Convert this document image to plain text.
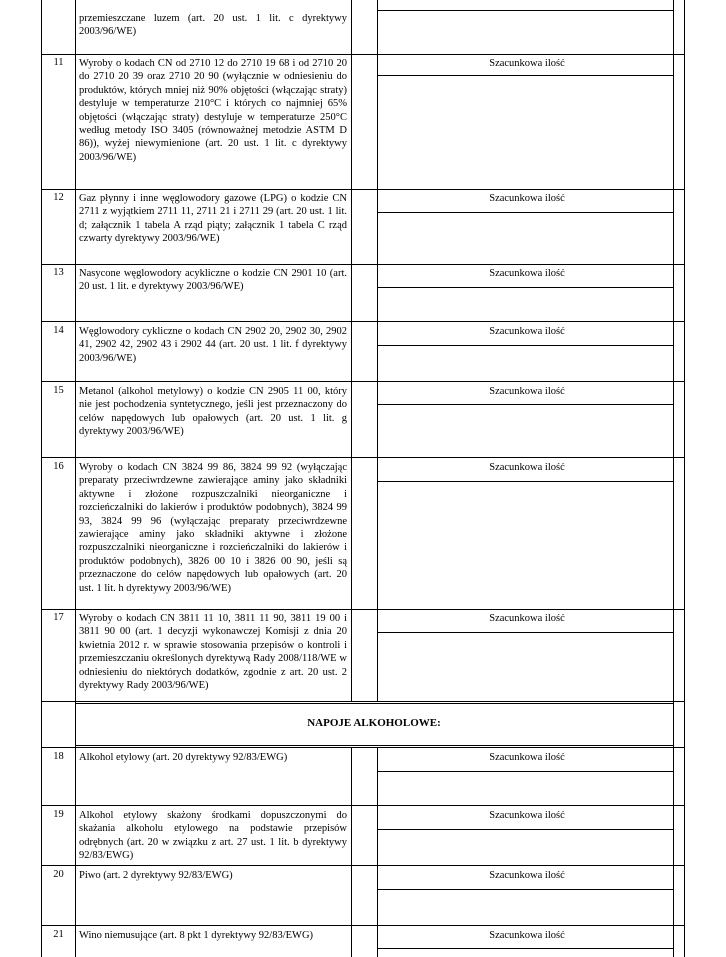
przemieszczane luzem (art. 20 ust. 1 lit. c dyrektywy 2003/96/WE)
11	Wyroby o kodach CN od 2710 12 do 2710 19 68 i od 2710 20 do 2710 20 39 oraz 2710 20 90 (wyłącznie w odniesieniu do produktów, których mniej niż 90% objętości (włączając straty) destyluje w temperaturze 210°C i których co najmniej 65% objętości (włączając straty) destyluje w temperaturze 250°C według metody ISO 3405 (równoważnej metodzie ASTM D 86)), wyżej niewymienione (art. 20 ust. 1 lit. c dyrektywy 2003/96/WE)
Szacunkowa ilość
12	Gaz płynny i inne węglowodory gazowe (LPG) o kodzie CN 2711 z wyjątkiem 2711 11, 2711 21 i 2711 29 (art. 20 ust. 1 lit. d; załącznik 1 tabela A rząd piąty; załącznik 1 tabela C rząd czwarty dyrektywy 2003/96/WE)
Szacunkowa ilość
13	Nasycone węglowodory acykliczne o kodzie CN 2901 10 (art. 20 ust. 1 lit. e dyrektywy 2003/96/WE)
Szacunkowa ilość
14	Węglowodory cykliczne o kodach CN 2902 20, 2902 30, 2902 41, 2902 42, 2902 43 i 2902 44 (art. 20 ust. 1 lit. f dyrektywy 2003/96/WE)
Szacunkowa ilość
15	Metanol (alkohol metylowy) o kodzie CN 2905 11 00, który nie jest pochodzenia syntetycznego, jeśli jest przeznaczony do celów napędowych lub opałowych (art. 20 ust. 1 lit. g dyrektywy 2003/96/WE)
Szacunkowa ilość
16	Wyroby o kodach CN 3824 99 86, 3824 99 92 (wyłączając preparaty przeciwrdzewne zawierające aminy jako składniki aktywne i złożone rozpuszczalniki nieorganiczne i rozcieńczalniki do lakierów i produktów podobnych), 3824 99 93, 3824 99 96 (wyłączając preparaty przeciwrdzewne zawierające aminy jako składniki aktywne i złożone rozpuszczalniki nieorganiczne i rozcieńczalniki do lakierów i produktów podobnych), 3826 00 10 i 3826 00 90, jeśli są przeznaczone do celów napędowych lub opałowych (art. 20 ust. 1 lit. h dyrektywy 2003/96/WE)
Szacunkowa ilość
17	Wyroby o kodach CN 3811 11 10, 3811 11 90, 3811 19 00 i 3811 90 00 (art. 1 decyzji wykonawczej Komisji z dnia 20 kwietnia 2012 r. w sprawie stosowania przepisów o kontroli i przemieszczaniu określonych dyrektywą Rady 2008/118/WE w odniesieniu do niektórych dodatków, zgodnie z art. 20 ust. 2 dyrektywy Rady 2003/96/WE)
Szacunkowa ilość
NAPOJE ALKOHOLOWE:
18	Alkohol etylowy (art. 20 dyrektywy 92/83/EWG)	Szacunkowa ilość
19	Alkohol etylowy skażony środkami dopuszczonymi do skażania alkoholu etylowego na podstawie przepisów odrębnych (art. 20 w związku z art. 27 ust. 1 lit. b dyrektywy 92/83/EWG)
Szacunkowa ilość
20	Piwo (art. 2 dyrektywy 92/83/EWG)	Szacunkowa ilość
21	Wino niemusujące (art. 8 pkt 1 dyrektywy 92/83/EWG)	Szacunkowa ilość
